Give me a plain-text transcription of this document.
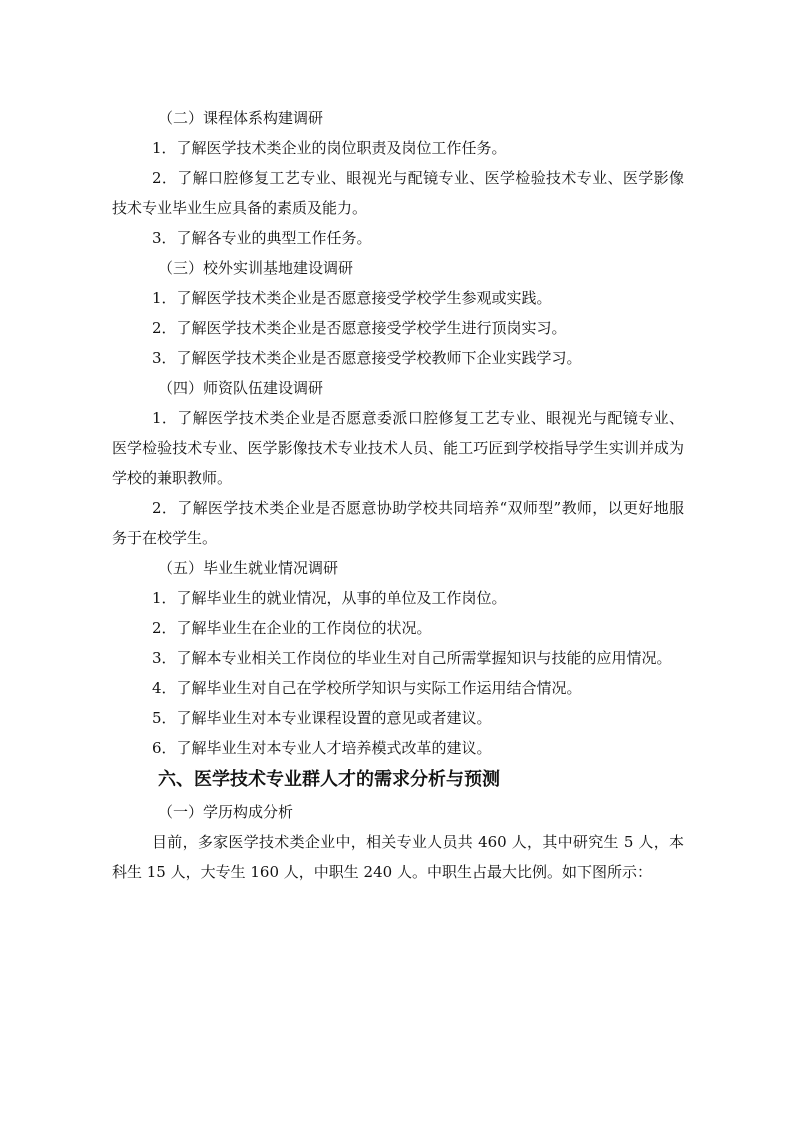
（二）课程体系构建调研
1．了解医学技术类企业的岗位职责及岗位工作任务。
2．了解口腔修复工艺专业、眼视光与配镜专业、医学检验技术专业、医学影像技术专业毕业生应具备的素质及能力。
3．了解各专业的典型工作任务。
（三）校外实训基地建设调研
1．了解医学技术类企业是否愿意接受学校学生参观或实践。
2．了解医学技术类企业是否愿意接受学校学生进行顶岗实习。
3．了解医学技术类企业是否愿意接受学校教师下企业实践学习。
（四）师资队伍建设调研
1．了解医学技术类企业是否愿意委派口腔修复工艺专业、眼视光与配镜专业、医学检验技术专业、医学影像技术专业技术人员、能工巧匠到学校指导学生实训并成为学校的兼职教师。
2．了解医学技术类企业是否愿意协助学校共同培养“双师型”教师，以更好地服务于在校学生。
（五）毕业生就业情况调研
1．了解毕业生的就业情况，从事的单位及工作岗位。
2．了解毕业生在企业的工作岗位的状况。
3．了解本专业相关工作岗位的毕业生对自己所需掌握知识与技能的应用情况。
4．了解毕业生对自己在学校所学知识与实际工作运用结合情况。
5．了解毕业生对本专业课程设置的意见或者建议。
6．了解毕业生对本专业人才培养模式改革的建议。
六、医学技术专业群人才的需求分析与预测
（一）学历构成分析
目前，多家医学技术类企业中，相关专业人员共 460 人，其中研究生 5 人，本科生 15 人，大专生 160 人，中职生 240 人。中职生占最大比例。如下图所示：
